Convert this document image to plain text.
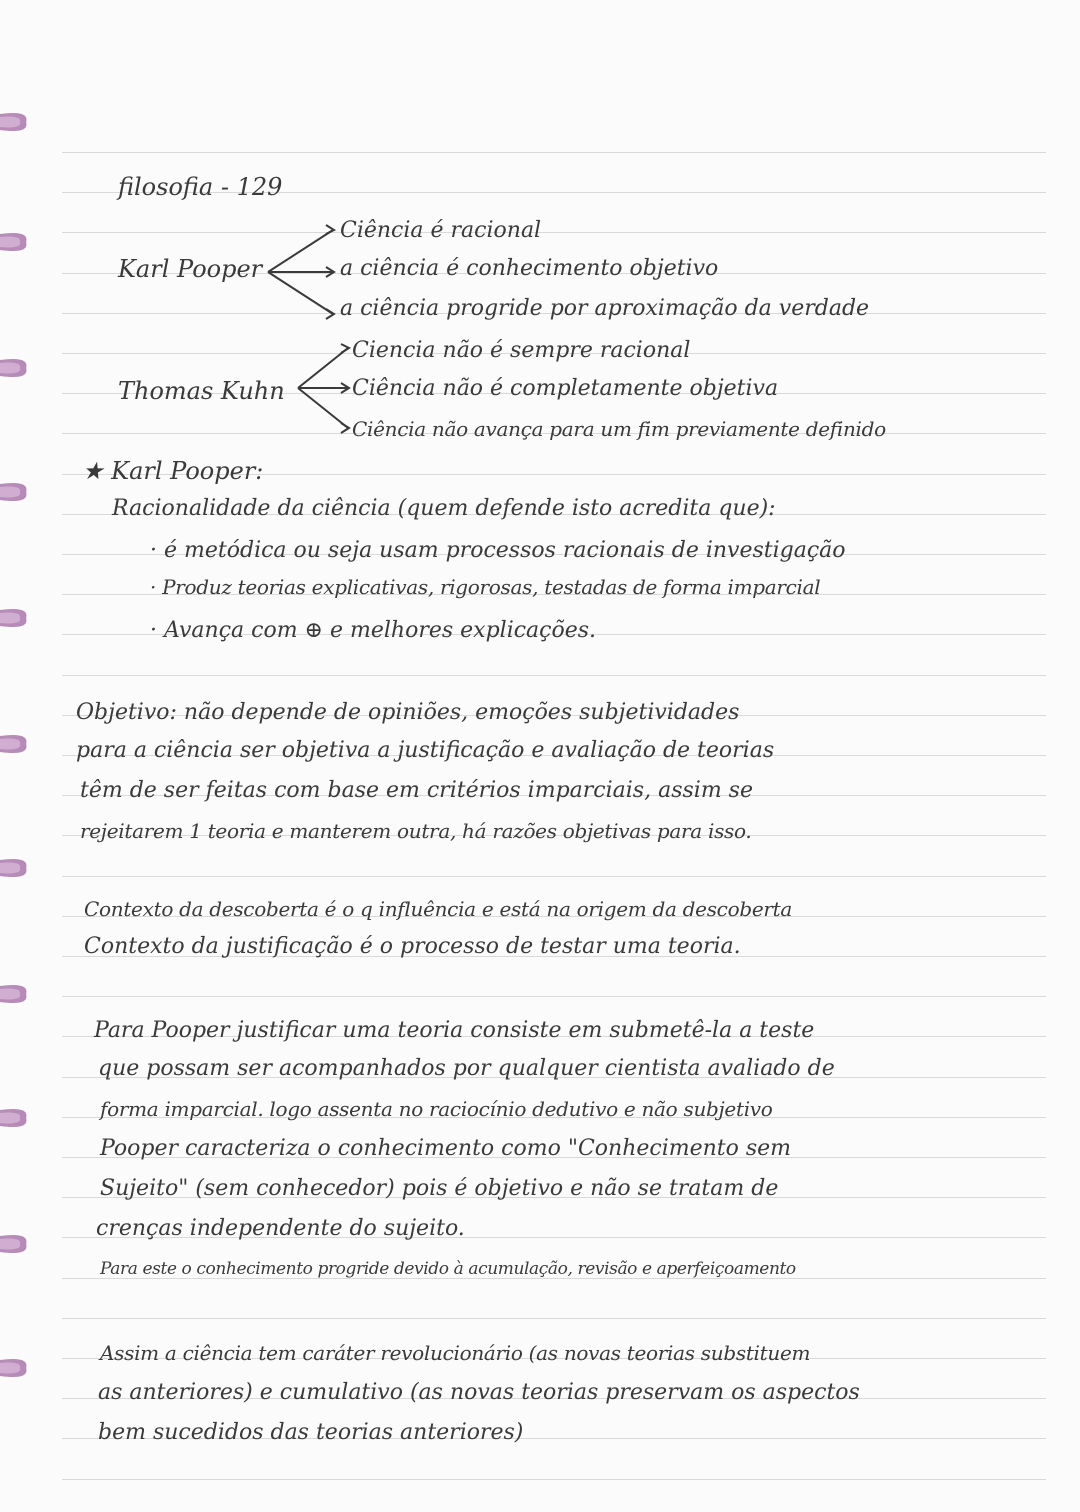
filosofia - 129
Karl Pooper
Ciência é racional
a ciência é conhecimento objetivo
a ciência progride por aproximação da verdade
Thomas Kuhn
Ciencia não é sempre racional
Ciência não é completamente objetiva
Ciência não avança para um fim previamente definido
★ Karl Pooper:
Racionalidade da ciência (quem defende isto acredita que):
· é metódica ou seja usam processos racionais de investigação
· Produz teorias explicativas, rigorosas, testadas de forma imparcial
· Avança com ⊕ e melhores explicações.
Objetivo: não depende de opiniões, emoções subjetividades
para a ciência ser objetiva a justificação e avaliação de teorias
têm de ser feitas com base em critérios imparciais, assim se
rejeitarem 1 teoria e manterem outra, há razões objetivas para isso.
Contexto da descoberta é o q influência e está na origem da descoberta
Contexto da justificação é o processo de testar uma teoria.
Para Pooper justificar uma teoria consiste em submetê-la a teste
que possam ser acompanhados por qualquer cientista avaliado de
forma imparcial. logo assenta no raciocínio dedutivo e não subjetivo
Pooper caracteriza o conhecimento como "Conhecimento sem
Sujeito" (sem conhecedor) pois é objetivo e não se tratam de
crenças independente do sujeito.
Para este o conhecimento progride devido à acumulação, revisão e aperfeiçoamento
Assim a ciência tem caráter revolucionário (as novas teorias substituem
as anteriores) e cumulativo (as novas teorias preservam os aspectos
bem sucedidos das teorias anteriores)
